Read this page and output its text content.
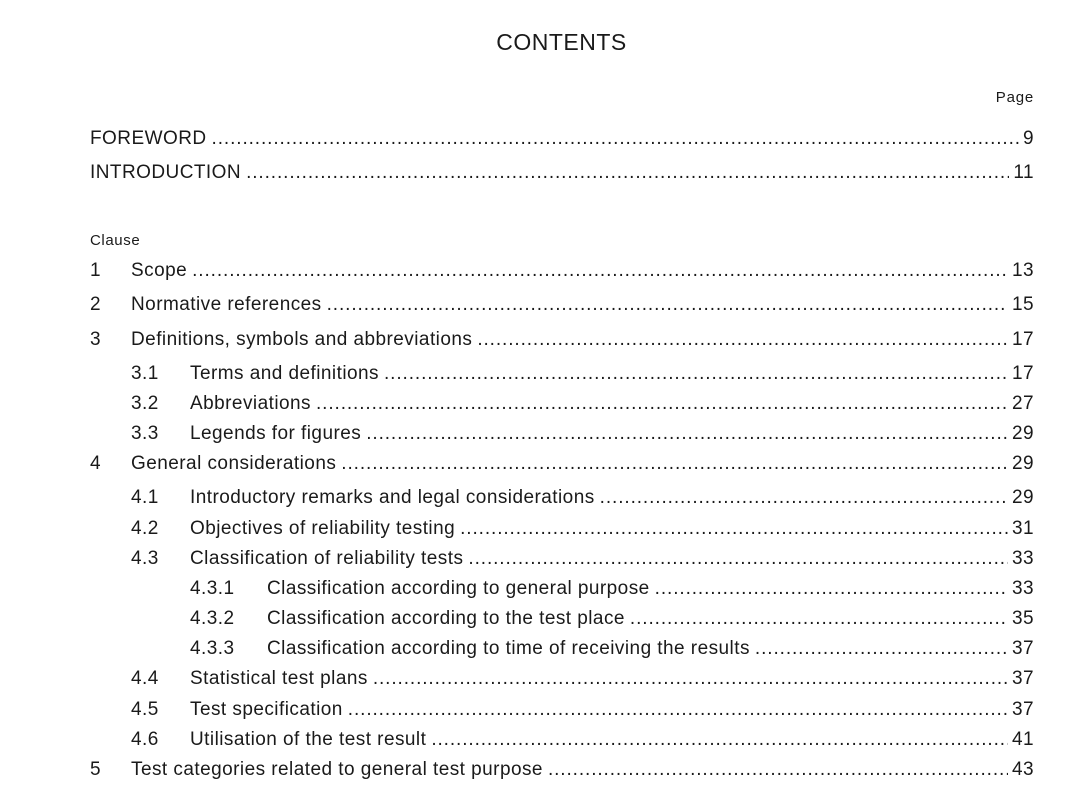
CONTENTS
Page
FOREWORD .....	9
INTRODUCTION .....	11
Clause
1	Scope .....	13
2	Normative references .....	15
3	Definitions, symbols and abbreviations .....	17
3.1	Terms and definitions .....	17
3.2	Abbreviations .....	27
3.3	Legends for figures .....	29
4	General considerations .....	29
4.1	Introductory remarks and legal considerations .....	29
4.2	Objectives of reliability testing .....	31
4.3	Classification of reliability tests .....	33
4.3.1	Classification according to general purpose .....	33
4.3.2	Classification according to the test place .....	35
4.3.3	Classification according to time of receiving the results .....	37
4.4	Statistical test plans .....	37
4.5	Test specification .....	37
4.6	Utilisation of the test result .....	41
5	Test categories related to general test purpose .....	43
